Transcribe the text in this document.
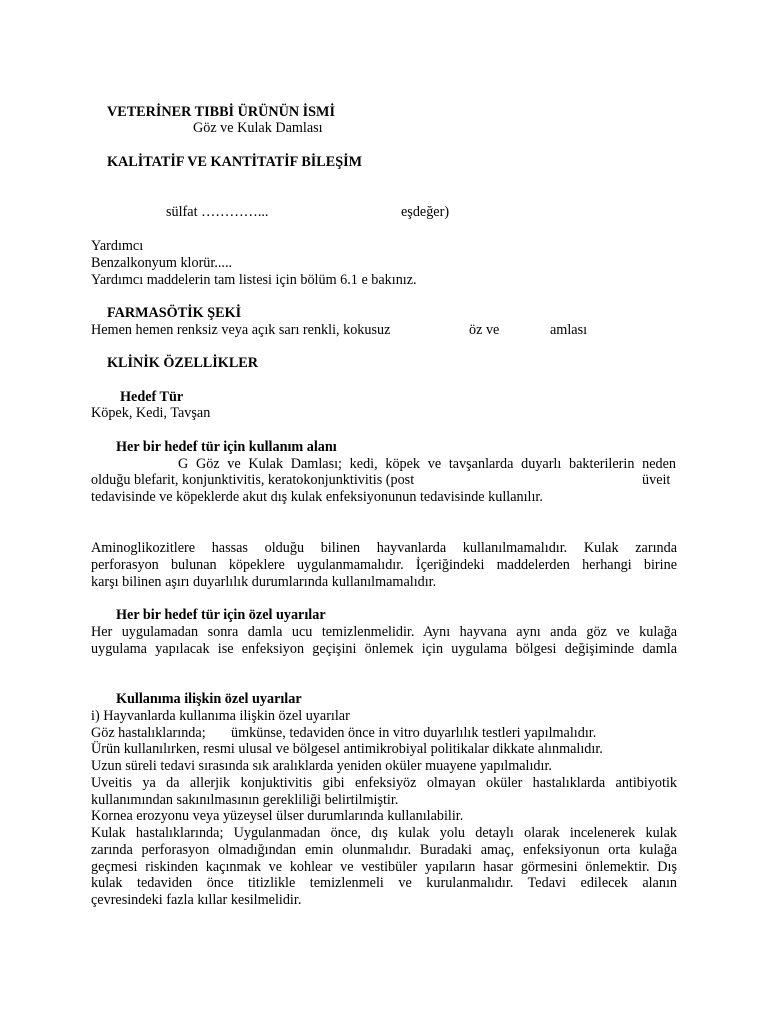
VETERİNER TIBBİ ÜRÜNÜN İSMİ
Göz ve Kulak Damlası
KALİTATİF VE KANTİTATİF BİLEŞİM
sülfat …………...	eşdeğer)
Yardımcı
Benzalkonyum klorür.....
Yardımcı maddelerin tam listesi için bölüm 6.1 e bakınız.
FARMASÖTİK ŞEKİ
Hemen hemen renksiz veya açık sarı renkli, kokusuz	öz ve	amlası
KLİNİK ÖZELLİKLER
Hedef Tür
Köpek, Kedi, Tavşan
Her bir hedef tür için kullanım alanı
G Göz ve Kulak Damlası; kedi, köpek ve tavşanlarda duyarlı bakterilerin neden
olduğu blefarit, konjunktivitis, keratokonjunktivitis (post	üveit
tedavisinde ve köpeklerde akut dış kulak enfeksiyonunun tedavisinde kullanılır.
Aminoglikozitlere hassas olduğu bilinen hayvanlarda kullanılmamalıdır. Kulak zarında
perforasyon bulunan köpeklere uygulanmamalıdır. İçeriğindeki maddelerden herhangi birine
karşı bilinen aşırı duyarlılık durumlarında kullanılmamalıdır.
Her bir hedef tür için özel uyarılar
Her uygulamadan sonra damla ucu temizlenmelidir. Aynı hayvana aynı anda göz ve kulağa
uygulama yapılacak ise enfeksiyon geçişini önlemek için uygulama bölgesi değişiminde damla
Kullanıma ilişkin özel uyarılar
i) Hayvanlarda kullanıma ilişkin özel uyarılar
Göz hastalıklarında; ümkünse, tedaviden önce in vitro duyarlılık testleri yapılmalıdır.
Ürün kullanılırken, resmi ulusal ve bölgesel antimikrobiyal politikalar dikkate alınmalıdır.
Uzun süreli tedavi sırasında sık aralıklarda yeniden oküler muayene yapılmalıdır.
Uveitis ya da allerjik konjuktivitis gibi enfeksiyöz olmayan oküler hastalıklarda antibiyotik
kullanımından sakınılmasının gerekliliği belirtilmiştir.
Kornea erozyonu veya yüzeysel ülser durumlarında kullanılabilir.
Kulak hastalıklarında; Uygulanmadan önce, dış kulak yolu detaylı olarak incelenerek kulak
zarında perforasyon olmadığından emin olunmalıdır. Buradaki amaç, enfeksiyonun orta kulağa
geçmesi riskinden kaçınmak ve kohlear ve vestibüler yapıların hasar görmesini önlemektir. Dış
kulak tedaviden önce titizlikle temizlenmeli ve kurulanmalıdır. Tedavi edilecek alanın
çevresindeki fazla kıllar kesilmelidir.
